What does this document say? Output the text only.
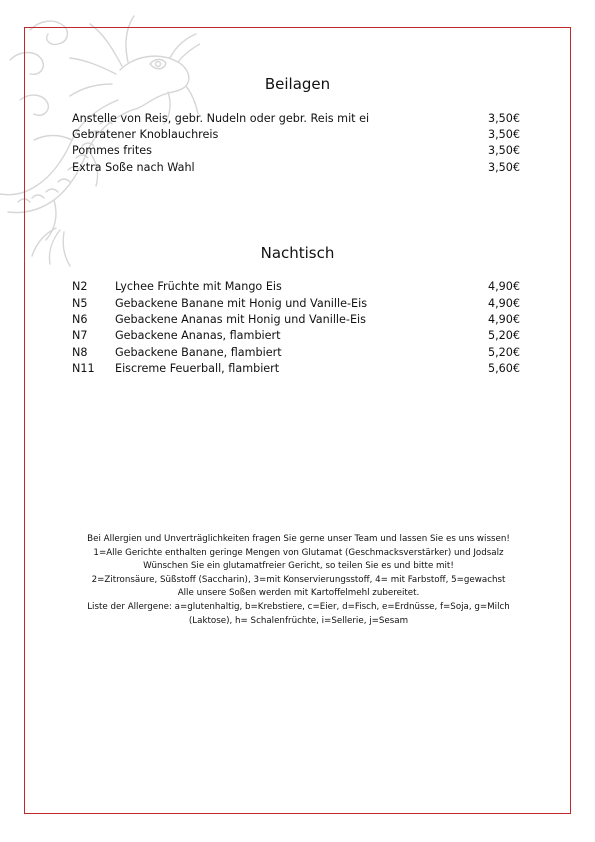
Beilagen
Anstelle von Reis, gebr. Nudeln oder gebr. Reis mit ei	3,50€
Gebratener Knoblauchreis	3,50€
Pommes frites	3,50€
Extra Soße nach Wahl	3,50€
Nachtisch
N2 Lychee Früchte mit Mango Eis	4,90€
N5 Gebackene Banane mit Honig und Vanille-Eis	4,90€
N6 Gebackene Ananas mit Honig und Vanille-Eis	4,90€
N7 Gebackene Ananas, flambiert	5,20€
N8 Gebackene Banane, flambiert	5,20€
N11 Eiscreme Feuerball, flambiert	5,60€
Bei Allergien und Unverträglichkeiten fragen Sie gerne unser Team und lassen Sie es uns wissen!
1=Alle Gerichte enthalten geringe Mengen von Glutamat (Geschmacksverstärker) und Jodsalz
Wünschen Sie ein glutamatfreier Gericht, so teilen Sie es und bitte mit!
2=Zitronsäure, Süßstoff (Saccharin), 3=mit Konservierungsstoff, 4= mit Farbstoff, 5=gewachst
Alle unsere Soßen werden mit Kartoffelmehl zubereitet.
Liste der Allergene: a=glutenhaltig, b=Krebstiere, c=Eier, d=Fisch, e=Erdnüsse, f=Soja, g=Milch (Laktose), h= Schalenfrüchte, i=Sellerie, j=Sesam
